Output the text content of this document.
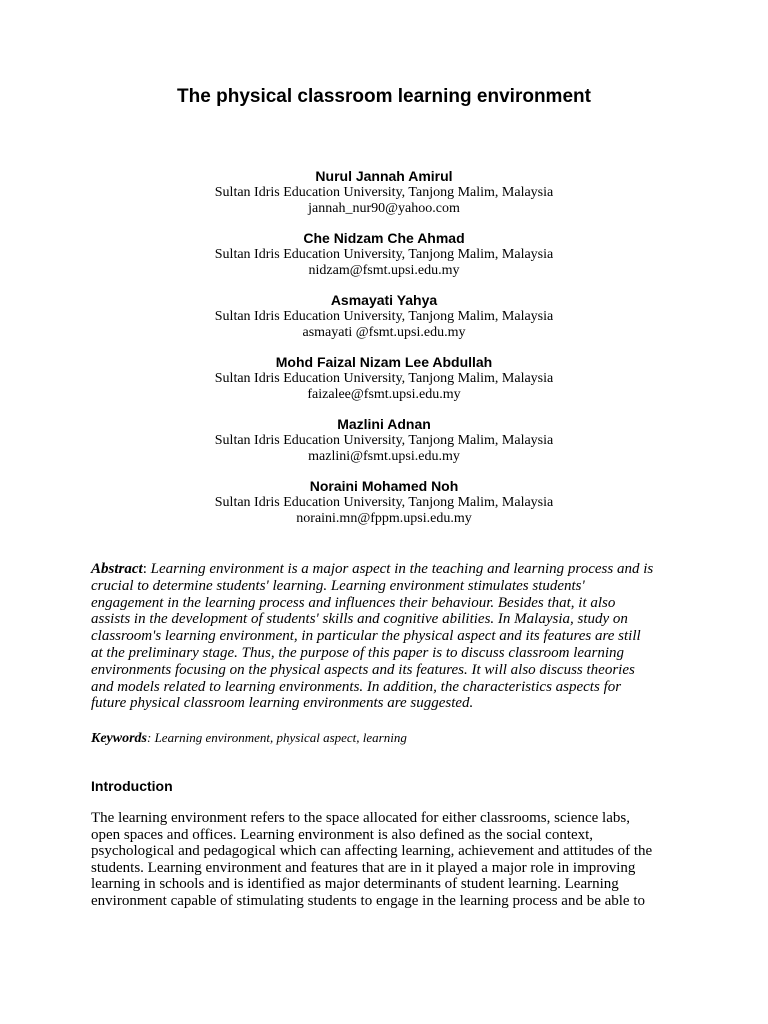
The physical classroom learning environment
Nurul Jannah Amirul
Sultan Idris Education University, Tanjong Malim, Malaysia
jannah_nur90@yahoo.com
Che Nidzam Che Ahmad
Sultan Idris Education University, Tanjong Malim, Malaysia
nidzam@fsmt.upsi.edu.my
Asmayati Yahya
Sultan Idris Education University, Tanjong Malim, Malaysia
asmayati @fsmt.upsi.edu.my
Mohd Faizal Nizam Lee Abdullah
Sultan Idris Education University, Tanjong Malim, Malaysia
faizalee@fsmt.upsi.edu.my
Mazlini Adnan
Sultan Idris Education University, Tanjong Malim, Malaysia
mazlini@fsmt.upsi.edu.my
Noraini Mohamed Noh
Sultan Idris Education University, Tanjong Malim, Malaysia
noraini.mn@fppm.upsi.edu.my
Abstract: Learning environment is a major aspect in the teaching and learning process and is
crucial to determine students' learning. Learning environment stimulates students'
engagement in the learning process and influences their behaviour. Besides that, it also
assists in the development of students' skills and cognitive abilities. In Malaysia, study on
classroom's learning environment, in particular the physical aspect and its features are still
at the preliminary stage. Thus, the purpose of this paper is to discuss classroom learning
environments focusing on the physical aspects and its features. It will also discuss theories
and models related to learning environments. In addition, the characteristics aspects for
future physical classroom learning environments are suggested.
Keywords: Learning environment, physical aspect, learning
Introduction
The learning environment refers to the space allocated for either classrooms, science labs,
open spaces and offices. Learning environment is also defined as the social context,
psychological and pedagogical which can affecting learning, achievement and attitudes of the
students. Learning environment and features that are in it played a major role in improving
learning in schools and is identified as major determinants of student learning. Learning
environment capable of stimulating students to engage in the learning process and be able to
